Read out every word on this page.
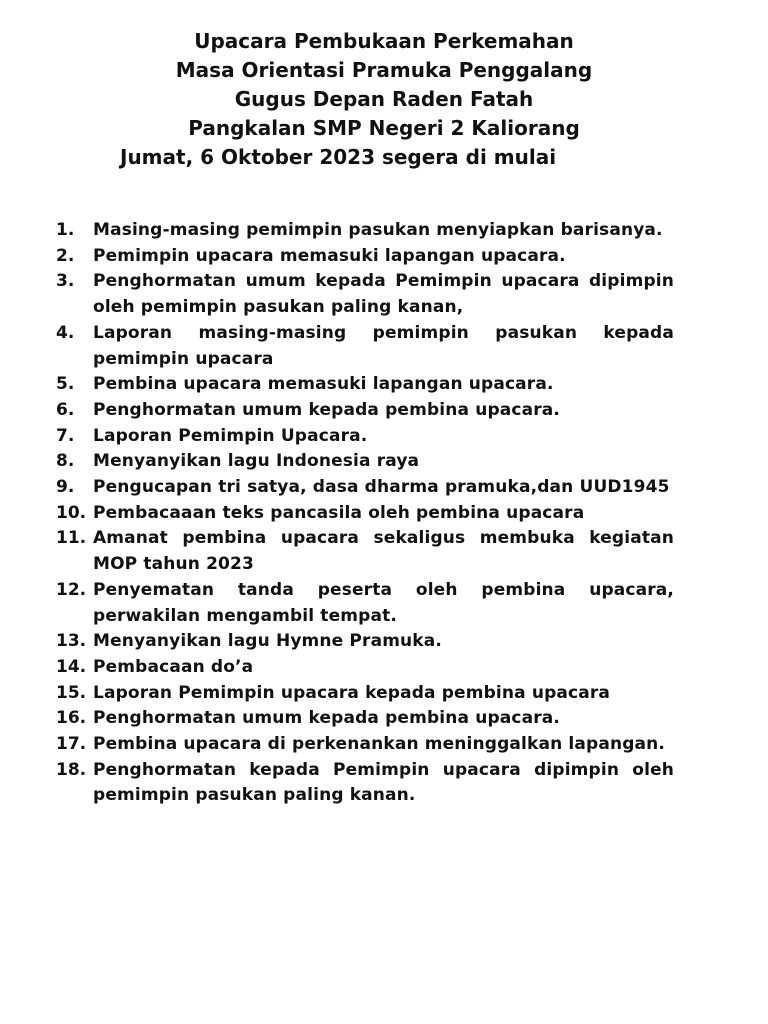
Upacara Pembukaan Perkemahan
Masa Orientasi Pramuka Penggalang
Gugus Depan Raden Fatah
Pangkalan SMP Negeri 2 Kaliorang
Jumat, 6 Oktober 2023 segera di mulai
1.	Masing-masing pemimpin pasukan menyiapkan barisanya.
2.	Pemimpin upacara memasuki lapangan upacara.
3.	Penghormatan umum kepada Pemimpin upacara dipimpin oleh pemimpin pasukan paling kanan,
4.	Laporan masing-masing pemimpin pasukan kepada pemimpin upacara
5.	Pembina upacara memasuki lapangan upacara.
6.	Penghormatan umum kepada pembina upacara.
7.	Laporan Pemimpin Upacara.
8.	Menyanyikan lagu Indonesia raya
9.	Pengucapan tri satya, dasa dharma pramuka,dan UUD1945
10. Pembacaaan teks pancasila oleh pembina upacara
11. Amanat pembina upacara sekaligus membuka kegiatan MOP tahun 2023
12. Penyematan tanda peserta oleh pembina upacara, perwakilan mengambil tempat.
13. Menyanyikan lagu Hymne Pramuka.
14. Pembacaan do’a
15. Laporan Pemimpin upacara kepada pembina upacara
16. Penghormatan umum kepada pembina upacara.
17. Pembina upacara di perkenankan meninggalkan lapangan.
18. Penghormatan kepada Pemimpin upacara dipimpin oleh pemimpin pasukan paling kanan.
